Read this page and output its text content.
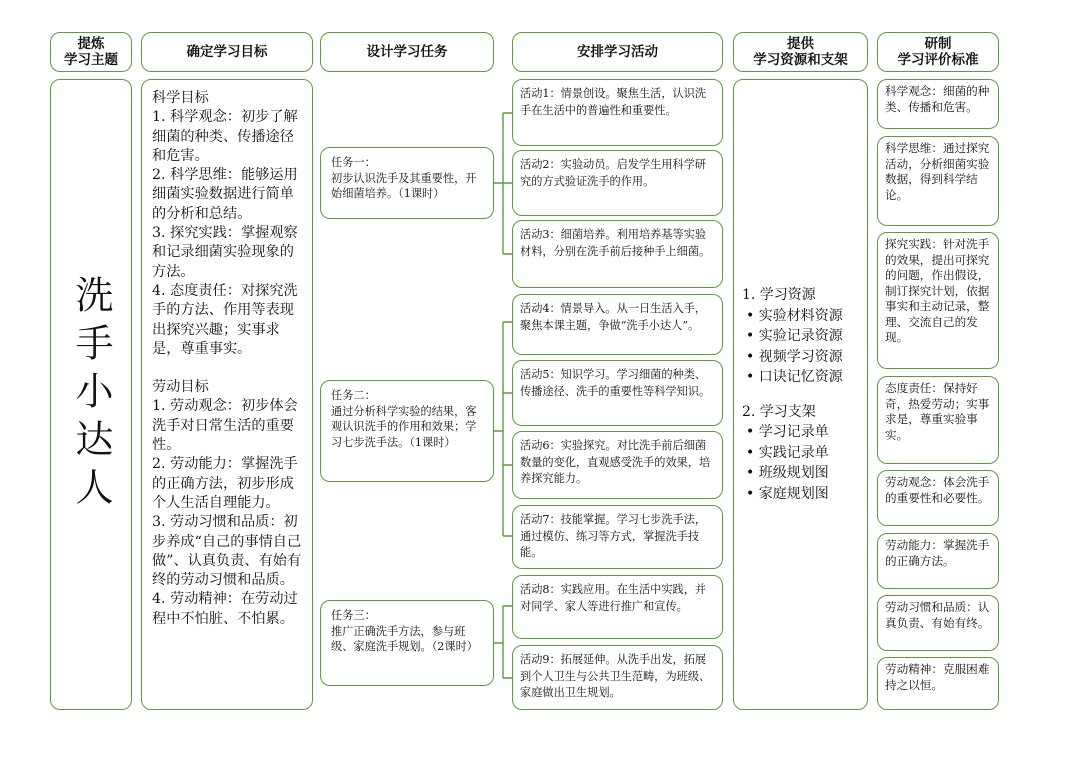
提炼
学习主题
确定学习目标	设计学习任务	安排学习活动
提供
学习资源和支架
研制
学习评价标准
洗手小达人
科学目标

1. 科学观念：初步了解细菌的种类、传播途径和危害。

2. 科学思维：能够运用细菌实验数据进行简单的分析和总结。

3. 探究实践：掌握观察和记录细菌实验现象的方法。

4. 态度责任：对探究洗手的方法、作用等表现出探究兴趣；实事求是，尊重事实。

劳动目标

1. 劳动观念：初步体会洗手对日常生活的重要性。

2. 劳动能力：掌握洗手的正确方法，初步形成个人生活自理能力。

3. 劳动习惯和品质：初步养成“自己的事情自己做”、认真负责、有始有终的劳动习惯和品质。

4. 劳动精神：在劳动过程中不怕脏、不怕累。

任务一：
初步认识洗手及其重要性，开始细菌培养。（1课时）
任务二：
通过分析科学实验的结果，客观认识洗手的作用和效果；学习七步洗手法。（1课时）
任务三：
推广正确洗手方法，参与班级、家庭洗手规划。（2课时）
活动1：情景创设。聚焦生活，认识洗手在生活中的普遍性和重要性。
活动2：实验动员。启发学生用科学研究的方式验证洗手的作用。
活动3：细菌培养。利用培养基等实验材料，分别在洗手前后接种手上细菌。
活动4：情景导入。从一日生活入手，聚焦本课主题，争做“洗手小达人”。
活动5：知识学习。学习细菌的种类、传播途径、洗手的重要性等科学知识。
活动6：实验探究。对比洗手前后细菌数量的变化，直观感受洗手的效果，培养探究能力。
活动7：技能掌握。学习七步洗手法，通过模仿、练习等方式，掌握洗手技能。
活动8：实践应用。在生活中实践，并对同学、家人等进行推广和宣传。
活动9：拓展延伸。从洗手出发，拓展到个人卫生与公共卫生范畴，为班级、家庭做出卫生规划。
1. 学习资源
• 实验材料资源
• 实验记录资源
• 视频学习资源
• 口诀记忆资源
2. 学习支架
• 学习记录单
• 实践记录单
• 班级规划图
• 家庭规划图
科学观念：细菌的种类、传播和危害。
科学思维：通过探究活动，分析细菌实验数据，得到科学结论。
探究实践：针对洗手的效果，提出可探究的问题，作出假设，制订探究计划，依据事实和主动记录，整理、交流自己的发现。
态度责任：保持好奇，热爱劳动；实事求是，尊重实验事实。
劳动观念：体会洗手的重要性和必要性。
劳动能力：掌握洗手的正确方法。
劳动习惯和品质：认真负责、有始有终。
劳动精神：克服困难持之以恒。
